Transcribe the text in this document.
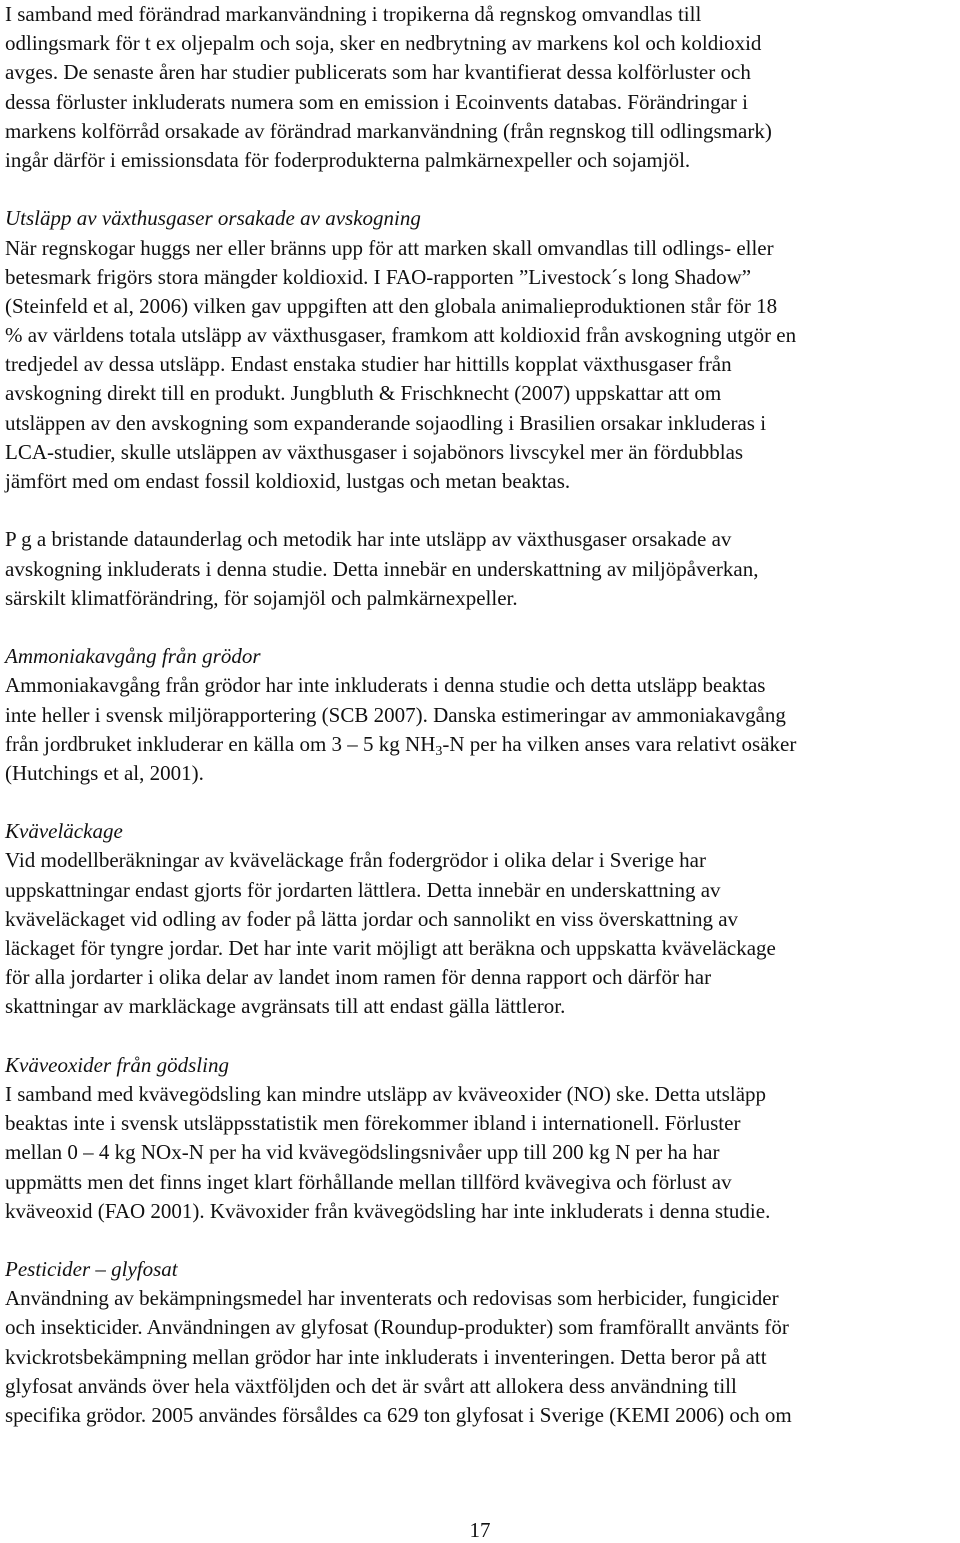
I samband med förändrad markanvändning i tropikerna då regnskog omvandlas till
odlingsmark för t ex oljepalm och soja, sker en nedbrytning av markens kol och koldioxid
avges. De senaste åren har studier publicerats som har kvantifierat dessa kolförluster och
dessa förluster inkluderats numera som en emission i Ecoinvents databas. Förändringar i
markens kolförråd orsakade av förändrad markanvändning (från regnskog till odlingsmark)
ingår därför i emissionsdata för foderprodukterna palmkärnexpeller och sojamjöl.
Utsläpp av växthusgaser orsakade av avskogning
När regnskogar huggs ner eller bränns upp för att marken skall omvandlas till odlings- eller
betesmark frigörs stora mängder koldioxid. I FAO-rapporten ”Livestock´s long Shadow”
(Steinfeld et al, 2006) vilken gav uppgiften att den globala animalieproduktionen står för 18
% av världens totala utsläpp av växthusgaser, framkom att koldioxid från avskogning utgör en
tredjedel av dessa utsläpp. Endast enstaka studier har hittills kopplat växthusgaser från
avskogning direkt till en produkt. Jungbluth & Frischknecht (2007) uppskattar att om
utsläppen av den avskogning som expanderande sojaodling i Brasilien orsakar inkluderas i
LCA-studier, skulle utsläppen av växthusgaser i sojabönors livscykel mer än fördubblas
jämfört med om endast fossil koldioxid, lustgas och metan beaktas.
P g a bristande dataunderlag och metodik har inte utsläpp av växthusgaser orsakade av
avskogning inkluderats i denna studie. Detta innebär en underskattning av miljöpåverkan,
särskilt klimatförändring, för sojamjöl och palmkärnexpeller.
Ammoniakavgång från grödor
Ammoniakavgång från grödor har inte inkluderats i denna studie och detta utsläpp beaktas
inte heller i svensk miljörapportering (SCB 2007). Danska estimeringar av ammoniakavgång
från jordbruket inkluderar en källa om 3 – 5 kg $NH_3-N$ per ha vilken anses vara relativt osäker
(Hutchings et al, 2001).
Kväveläckage
Vid modellberäkningar av kväveläckage från fodergrödor i olika delar i Sverige har
uppskattningar endast gjorts för jordarten lättlera. Detta innebär en underskattning av
kväveläckaget vid odling av foder på lätta jordar och sannolikt en viss överskattning av
läckaget för tyngre jordar. Det har inte varit möjligt att beräkna och uppskatta kväveläckage
för alla jordarter i olika delar av landet inom ramen för denna rapport och därför har
skattningar av markläckage avgränsats till att endast gälla lättleror.
Kväveoxider från gödsling
I samband med kvävegödsling kan mindre utsläpp av kväveoxider (NO) ske. Detta utsläpp
beaktas inte i svensk utsläppsstatistik men förekommer ibland i internationell. Förluster
mellan 0 – 4 kg NOx-N per ha vid kvävegödslingsnivåer upp till 200 kg N per ha har
uppmätts men det finns inget klart förhållande mellan tillförd kvävegiva och förlust av
kväveoxid (FAO 2001). Kvävoxider från kvävegödsling har inte inkluderats i denna studie.
Pesticider – glyfosat
Användning av bekämpningsmedel har inventerats och redovisas som herbicider, fungicider
och insekticider. Användningen av glyfosat (Roundup-produkter) som framförallt använts för
kvickrotsbekämpning mellan grödor har inte inkluderats i inventeringen. Detta beror på att
glyfosat används över hela växtföljden och det är svårt att allokera dess användning till
specifika grödor. 2005 användes försåldes ca 629 ton glyfosat i Sverige (KEMI 2006) och om
17
